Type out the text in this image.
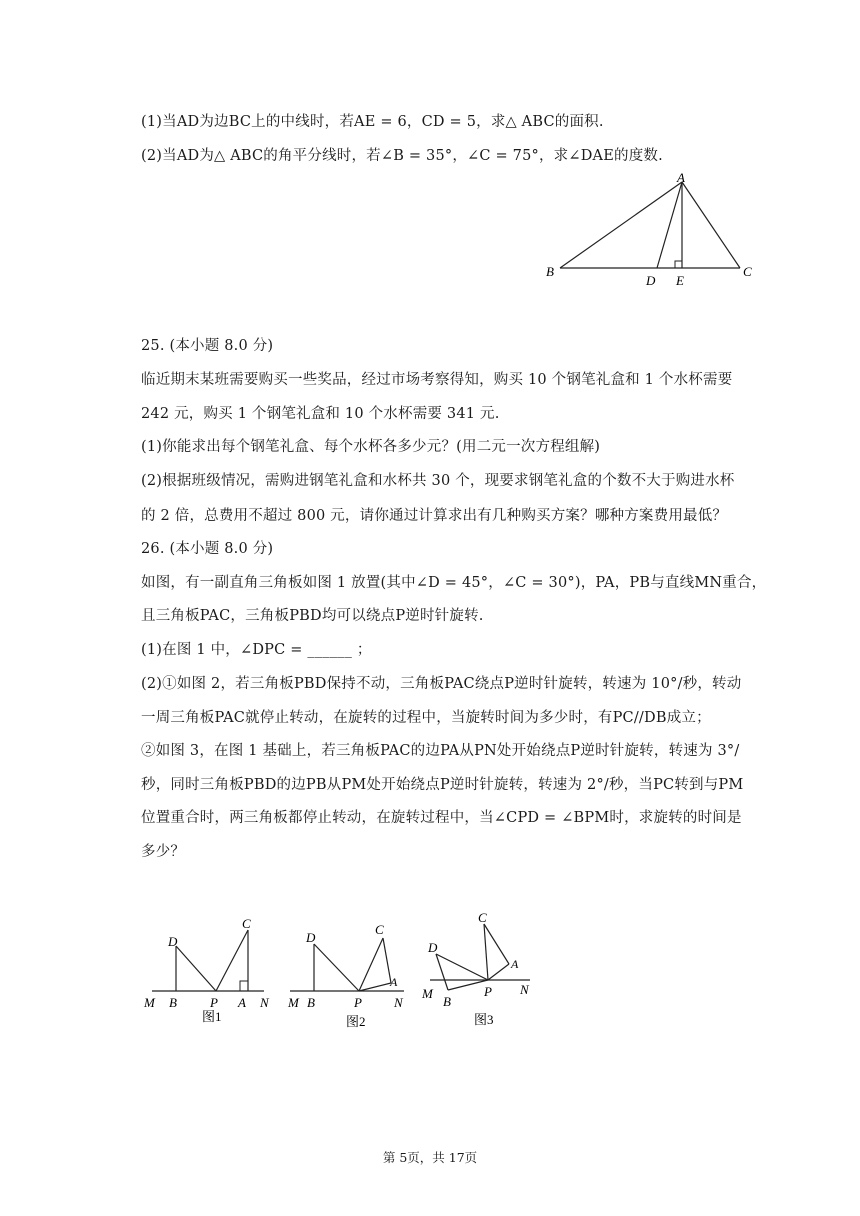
(1)当AD为边BC上的中线时，若AE = 6，CD = 5，求△ ABC的面积.
(2)当AD为△ ABC的角平分线时，若∠B = 35°，∠C = 75°，求∠DAE的度数.
A
B	C
D E
25. (本小题 8.0 分)
临近期末某班需要购买一些奖品，经过市场考察得知，购买 10 个钢笔礼盒和 1 个水杯需要
242 元，购买 1 个钢笔礼盒和 10 个水杯需要 341 元.
(1)你能求出每个钢笔礼盒、每个水杯各多少元？(用二元一次方程组解)
(2)根据班级情况，需购进钢笔礼盒和水杯共 30 个，现要求钢笔礼盒的个数不大于购进水杯
的 2 倍，总费用不超过 800 元，请你通过计算求出有几种购买方案？哪种方案费用最低？
26. (本小题 8.0 分)
如图，有一副直角三角板如图 1 放置(其中∠D = 45°，∠C = 30°)，PA，PB与直线MN重合，
且三角板PAC，三角板PBD均可以绕点P逆时针旋转.
(1)在图 1 中，∠DPC = ______ ；
(2)①如图 2，若三角板PBD保持不动，三角板PAC绕点P逆时针旋转，转速为 10°/秒，转动
一周三角板PAC就停止转动，在旋转的过程中，当旋转时间为多少时，有PC//DB成立；
②如图 3，在图 1 基础上，若三角板PAC的边PA从PN处开始绕点P逆时针旋转，转速为 3°/
秒，同时三角板PBD的边PB从PM处开始绕点P逆时针旋转，转速为 2°/秒，当PC转到与PM
位置重合时，两三角板都停止转动，在旋转过程中，当∠CPD = ∠BPM时，求旋转的时间是
多少？
D
C
M B	P A N
图1
D
C
A
M B	P N
图2
C
D
A
M
B
P N
图3
第 5页，共 17页
